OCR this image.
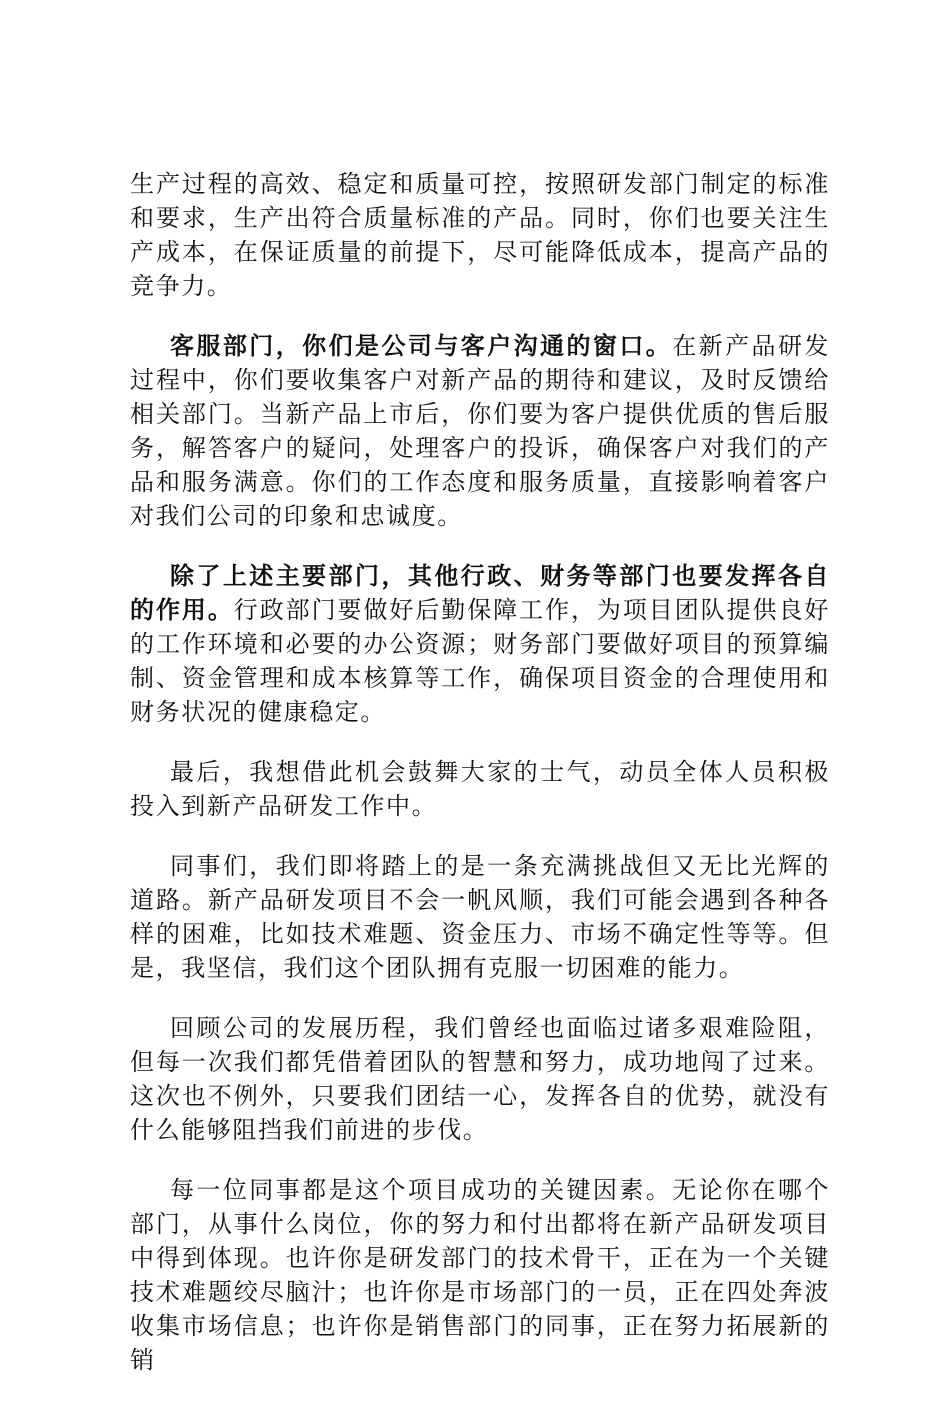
生产过程的高效、稳定和质量可控，按照研发部门制定的标准和要求，生产出符合质量标准的产品。同时，你们也要关注生产成本，在保证质量的前提下，尽可能降低成本，提高产品的竞争力。

客服部门，你们是公司与客户沟通的窗口。在新产品研发过程中，你们要收集客户对新产品的期待和建议，及时反馈给相关部门。当新产品上市后，你们要为客户提供优质的售后服务，解答客户的疑问，处理客户的投诉，确保客户对我们的产品和服务满意。你们的工作态度和服务质量，直接影响着客户对我们公司的印象和忠诚度。

除了上述主要部门，其他行政、财务等部门也要发挥各自的作用。行政部门要做好后勤保障工作，为项目团队提供良好的工作环境和必要的办公资源；财务部门要做好项目的预算编制、资金管理和成本核算等工作，确保项目资金的合理使用和财务状况的健康稳定。

最后，我想借此机会鼓舞大家的士气，动员全体人员积极投入到新产品研发工作中。

同事们，我们即将踏上的是一条充满挑战但又无比光辉的道路。新产品研发项目不会一帆风顺，我们可能会遇到各种各样的困难，比如技术难题、资金压力、市场不确定性等等。但是，我坚信，我们这个团队拥有克服一切困难的能力。

回顾公司的发展历程，我们曾经也面临过诸多艰难险阻，但每一次我们都凭借着团队的智慧和努力，成功地闯了过来。这次也不例外，只要我们团结一心，发挥各自的优势，就没有什么能够阻挡我们前进的步伐。

每一位同事都是这个项目成功的关键因素。无论你在哪个部门，从事什么岗位，你的努力和付出都将在新产品研发项目中得到体现。也许你是研发部门的技术骨干，正在为一个关键技术难题绞尽脑汁；也许你是市场部门的一员，正在四处奔波收集市场信息；也许你是销售部门的同事，正在努力拓展新的销
